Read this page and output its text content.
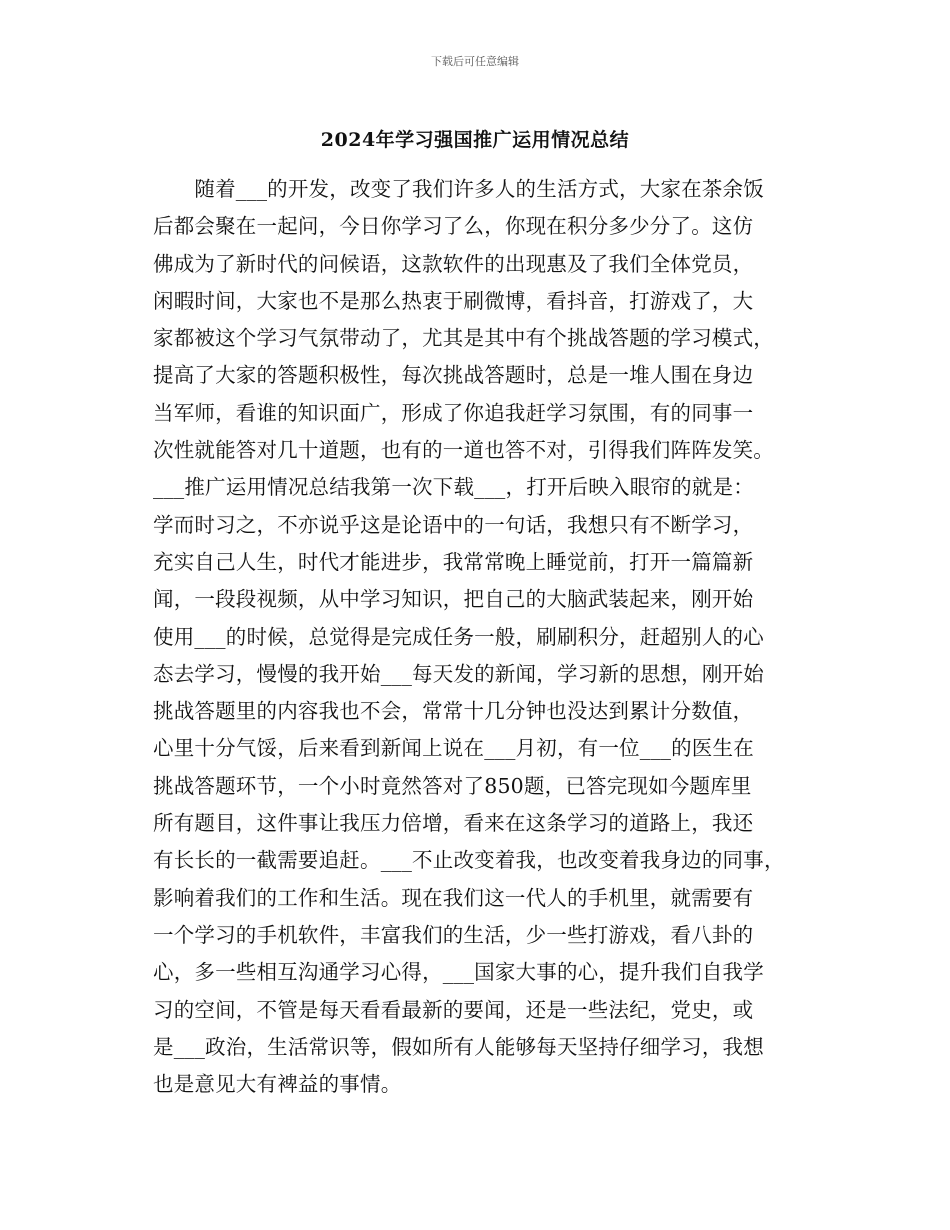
下载后可任意编辑
2024年学习强国推广运用情况总结
　　随着___的开发，改变了我们许多人的生活方式，大家在茶余饭
后都会聚在一起问，今日你学习了么，你现在积分多少分了。这仿
佛成为了新时代的问候语，这款软件的出现惠及了我们全体党员，
闲暇时间，大家也不是那么热衷于刷微博，看抖音，打游戏了，大
家都被这个学习气氛带动了，尤其是其中有个挑战答题的学习模式，
提高了大家的答题积极性，每次挑战答题时，总是一堆人围在身边
当军师，看谁的知识面广，形成了你追我赶学习氛围，有的同事一
次性就能答对几十道题，也有的一道也答不对，引得我们阵阵发笑。
___推广运用情况总结我第一次下载___，打开后映入眼帘的就是：
学而时习之，不亦说乎这是论语中的一句话，我想只有不断学习，
充实自己人生，时代才能进步，我常常晚上睡觉前，打开一篇篇新
闻，一段段视频，从中学习知识，把自己的大脑武装起来，刚开始
使用___的时候，总觉得是完成任务一般，刷刷积分，赶超别人的心
态去学习，慢慢的我开始___每天发的新闻，学习新的思想，刚开始
挑战答题里的内容我也不会，常常十几分钟也没达到累计分数值，
心里十分气馁，后来看到新闻上说在___月初，有一位___的医生在
挑战答题环节，一个小时竟然答对了850题，已答完现如今题库里
所有题目，这件事让我压力倍增，看来在这条学习的道路上，我还
有长长的一截需要追赶。___不止改变着我，也改变着我身边的同事，
影响着我们的工作和生活。现在我们这一代人的手机里，就需要有
一个学习的手机软件，丰富我们的生活，少一些打游戏，看八卦的
心，多一些相互沟通学习心得，___国家大事的心，提升我们自我学
习的空间，不管是每天看看最新的要闻，还是一些法纪，党史，或
是___政治，生活常识等，假如所有人能够每天坚持仔细学习，我想
也是意见大有裨益的事情。
